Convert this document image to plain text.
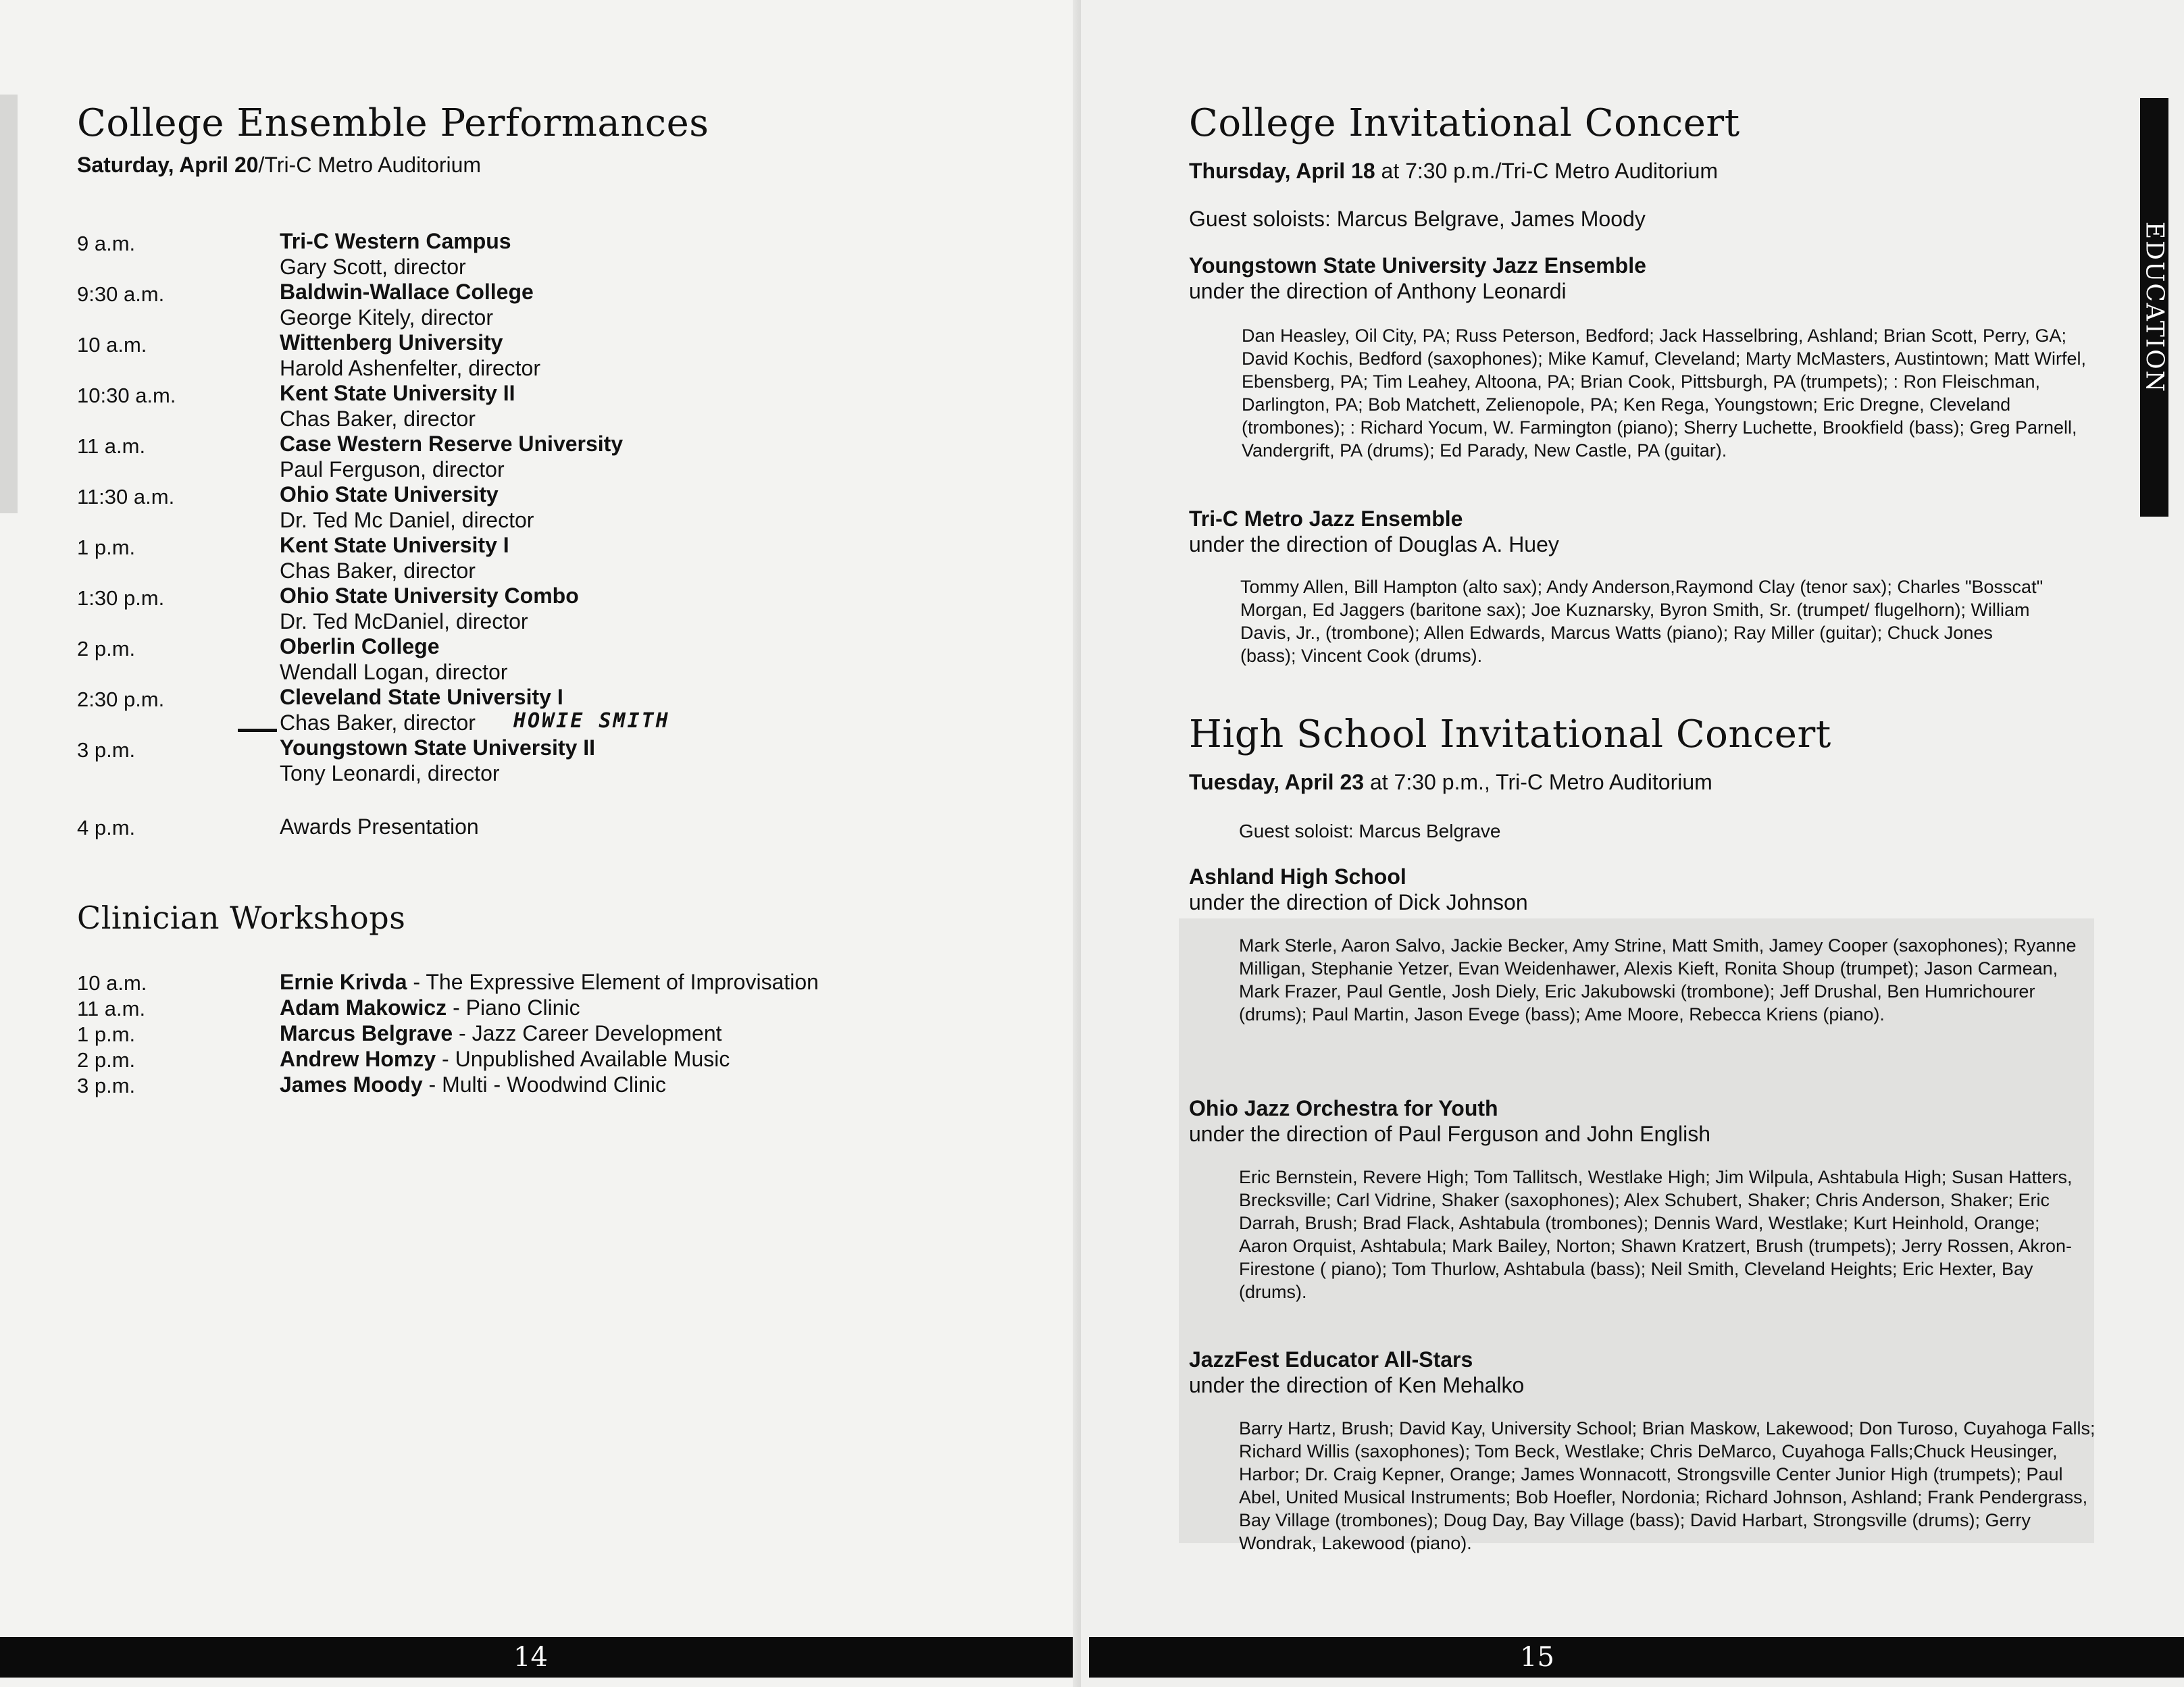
College Ensemble Performances
Saturday, April 20/Tri-C Metro Auditorium
9 a.m.	Tri-C Western Campus
Gary Scott, director
9:30 a.m.	Baldwin-Wallace College
George Kitely, director
10 a.m.	Wittenberg University
Harold Ashenfelter, director
10:30 a.m.	Kent State University II
Chas Baker, director
11 a.m.	Case Western Reserve University
Paul Ferguson, director
11:30 a.m.	Ohio State University
Dr. Ted Mc Daniel, director
1 p.m.	Kent State University I
Chas Baker, director
1:30 p.m.	Ohio State University Combo
Dr. Ted McDaniel, director
2 p.m.	Oberlin College
Wendall Logan, director
2:30 p.m.	Cleveland State University I
Chas Baker, director
3 p.m.	Youngstown State University II
Tony Leonardi, director
HOWIE SMITH
4 p.m.	Awards Presentation
Clinician Workshops
10 a.m.	Ernie Krivda - The Expressive Element of Improvisation
11 a.m.	Adam Makowicz - Piano Clinic
1 p.m.	Marcus Belgrave - Jazz Career Development
2 p.m.	Andrew Homzy - Unpublished Available Music
3 p.m.	James Moody - Multi - Woodwind Clinic
14
EDUCATION
College Invitational Concert
Thursday, April 18 at 7:30 p.m./Tri-C Metro Auditorium
Guest soloists: Marcus Belgrave, James Moody
Youngstown State University Jazz Ensemble
under the direction of Anthony Leonardi
Dan Heasley, Oil City, PA; Russ Peterson, Bedford; Jack Hasselbring, Ashland; Brian Scott, Perry, GA; David Kochis, Bedford (saxophones); Mike Kamuf, Cleveland; Marty McMasters, Austintown; Matt Wirfel, Ebensberg, PA; Tim Leahey, Altoona, PA; Brian Cook, Pittsburgh, PA (trumpets); : Ron Fleischman, Darlington, PA; Bob Matchett, Zelienopole, PA; Ken Rega, Youngstown; Eric Dregne, Cleveland (trombones); : Richard Yocum, W. Farmington (piano); Sherry Luchette, Brookfield (bass); Greg Parnell, Vandergrift, PA (drums); Ed Parady, New Castle, PA (guitar).
Tri-C Metro Jazz Ensemble
under the direction of Douglas A. Huey
Tommy Allen, Bill Hampton (alto sax); Andy Anderson,Raymond Clay (tenor sax); Charles "Bosscat" Morgan, Ed Jaggers (baritone sax); Joe Kuznarsky, Byron Smith, Sr. (trumpet/ flugelhorn); William Davis, Jr., (trombone); Allen Edwards, Marcus Watts (piano); Ray Miller (guitar); Chuck Jones (bass); Vincent Cook (drums).
High School Invitational Concert
Tuesday, April 23 at 7:30 p.m., Tri-C Metro Auditorium
Guest soloist: Marcus Belgrave
Ashland High School
under the direction of Dick Johnson
Mark Sterle, Aaron Salvo, Jackie Becker, Amy Strine, Matt Smith, Jamey Cooper (saxophones); Ryanne Milligan, Stephanie Yetzer, Evan Weidenhawer, Alexis Kieft, Ronita Shoup (trumpet); Jason Carmean, Mark Frazer, Paul Gentle, Josh Diely, Eric Jakubowski (trombone); Jeff Drushal, Ben Humrichourer (drums); Paul Martin, Jason Evege (bass); Ame Moore, Rebecca Kriens (piano).
Ohio Jazz Orchestra for Youth
under the direction of Paul Ferguson and John English
Eric Bernstein, Revere High; Tom Tallitsch, Westlake High; Jim Wilpula, Ashtabula High; Susan Hatters, Brecksville; Carl Vidrine, Shaker (saxophones); Alex Schubert, Shaker; Chris Anderson, Shaker; Eric Darrah, Brush; Brad Flack, Ashtabula (trombones); Dennis Ward, Westlake; Kurt Heinhold, Orange; Aaron Orquist, Ashtabula; Mark Bailey, Norton; Shawn Kratzert, Brush (trumpets); Jerry Rossen, Akron-Firestone ( piano); Tom Thurlow, Ashtabula (bass); Neil Smith, Cleveland Heights; Eric Hexter, Bay (drums).
JazzFest Educator All-Stars
under the direction of Ken Mehalko
Barry Hartz, Brush; David Kay, University School; Brian Maskow, Lakewood; Don Turoso, Cuyahoga Falls; Richard Willis (saxophones); Tom Beck, Westlake; Chris DeMarco, Cuyahoga Falls;Chuck Heusinger, Harbor; Dr. Craig Kepner, Orange; James Wonnacott, Strongsville Center Junior High (trumpets); Paul Abel, United Musical Instruments; Bob Hoefler, Nordonia; Richard Johnson, Ashland; Frank Pendergrass, Bay Village (trombones); Doug Day, Bay Village (bass); David Harbart, Strongsville (drums); Gerry Wondrak, Lakewood (piano).
15
